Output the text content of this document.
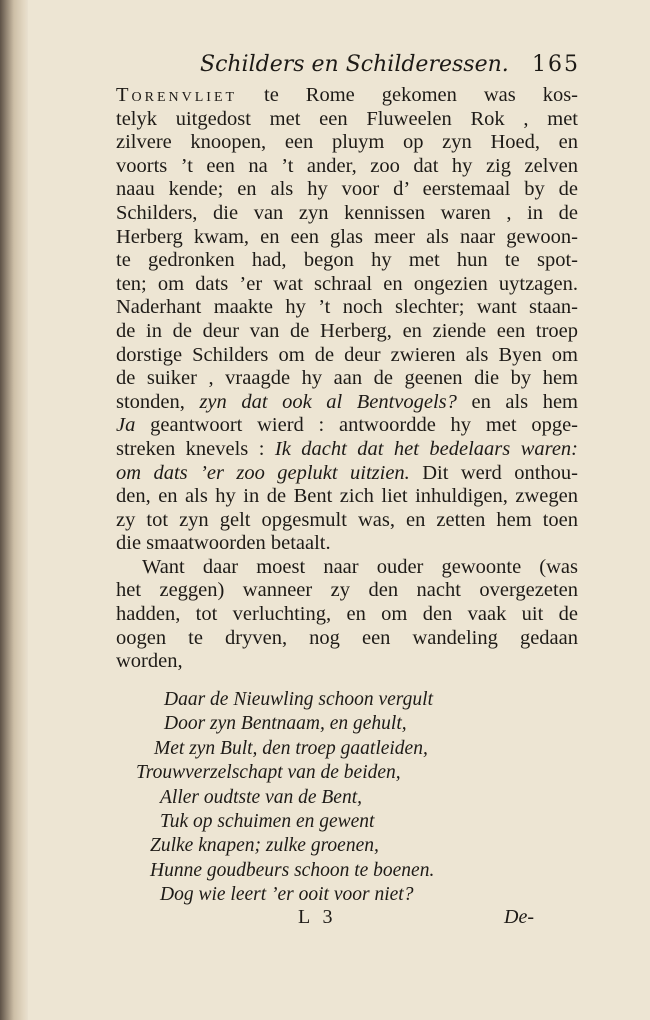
Schilders en Schilderessen. 165
Torenvliet te Rome gekomen was kos-
telyk uitgedost met een Fluweelen Rok , met
zilvere knoopen, een pluym op zyn Hoed, en
voorts ’t een na ’t ander, zoo dat hy zig zelven
naau kende; en als hy voor d’ eerstemaal by de
Schilders, die van zyn kennissen waren , in de
Herberg kwam, en een glas meer als naar gewoon-
te gedronken had, begon hy met hun te spot-
ten; om dats ’er wat schraal en ongezien uytzagen.
Naderhant maakte hy ’t noch slechter; want staan-
de in de deur van de Herberg, en ziende een troep
dorstige Schilders om de deur zwieren als Byen om
de suiker , vraagde hy aan de geenen die by hem
stonden, zyn dat ook al Bentvogels? en als hem
Ja geantwoort wierd : antwoordde hy met opge-
streken knevels : Ik dacht dat het bedelaars waren:
om dats ’er zoo geplukt uitzien. Dit werd onthou-
den, en als hy in de Bent zich liet inhuldigen, zwegen
zy tot zyn gelt opgesmult was, en zetten hem toen
die smaatwoorden betaalt.
Want daar moest naar ouder gewoonte (was
het zeggen) wanneer zy den nacht overgezeten
hadden, tot verluchting, en om den vaak uit de
oogen te dryven, nog een wandeling gedaan
worden,
Daar de Nieuwling schoon vergult
Door zyn Bentnaam, en gehult,
Met zyn Bult, den troep gaatleiden,
Trouwverzelschapt van de beiden,
Aller oudtste van de Bent,
Tuk op schuimen en gewent
Zulke knapen; zulke groenen,
Hunne goudbeurs schoon te boenen.
Dog wie leert ’er ooit voor niet?
L 3	De-
